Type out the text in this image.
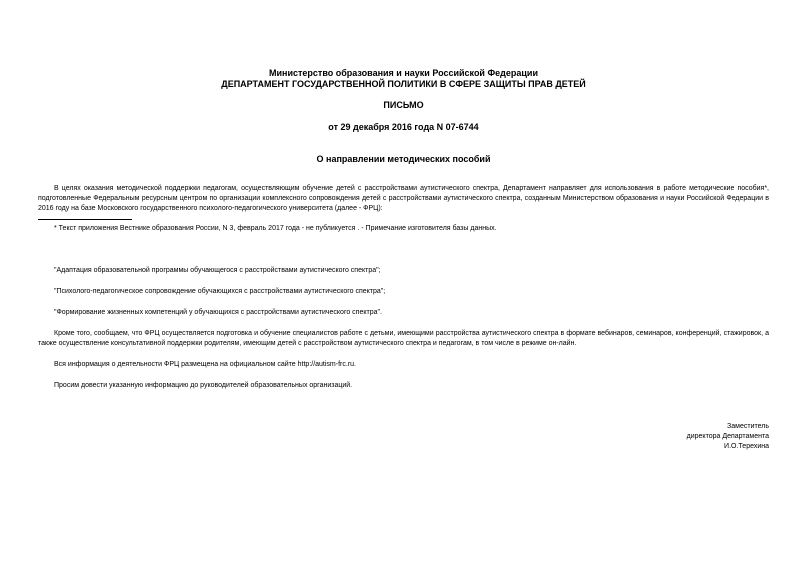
Министерство образования и науки Российской Федерации
ДЕПАРТАМЕНТ ГОСУДАРСТВЕННОЙ ПОЛИТИКИ В СФЕРЕ ЗАЩИТЫ ПРАВ ДЕТЕЙ
ПИСЬМО
от 29 декабря 2016 года N 07-6744
О направлении методических пособий
В целях оказания методической поддержки педагогам, осуществляющим обучение детей с расстройствами аутистического спектра, Департамент направляет для использования в работе методические пособия*, подготовленные Федеральным ресурсным центром по организации комплексного сопровождения детей с расстройствами аутистического спектра, созданным Министерством образования и науки Российской Федерации в 2016 году на базе Московского государственного психолого-педагогического университета (далее - ФРЦ):
* Текст приложения Вестнике образования России, N 3, февраль 2017 года - не публикуется . - Примечание изготовителя базы данных.
"Адаптация образовательной программы обучающегося с расстройствами аутистического спектра";
"Психолого-педагогическое сопровождение обучающихся с расстройствами аутистического спектра";
"Формирование жизненных компетенций у обучающихся с расстройствами аутистического спектра".
Кроме того, сообщаем, что ФРЦ осуществляется подготовка и обучение специалистов работе с детьми, имеющими расстройства аутистического спектра в формате вебинаров, семинаров, конференций, стажировок, а также осуществление консультативной поддержки родителям, имеющим детей с расстройством аутистического спектра и педагогам, в том числе в режиме он-лайн.
Вся информация о деятельности ФРЦ размещена на официальном сайте http://autism-frc.ru.
Просим довести указанную информацию до руководителей образовательных организаций.
Заместитель
директора Департамента
И.О.Терехина
